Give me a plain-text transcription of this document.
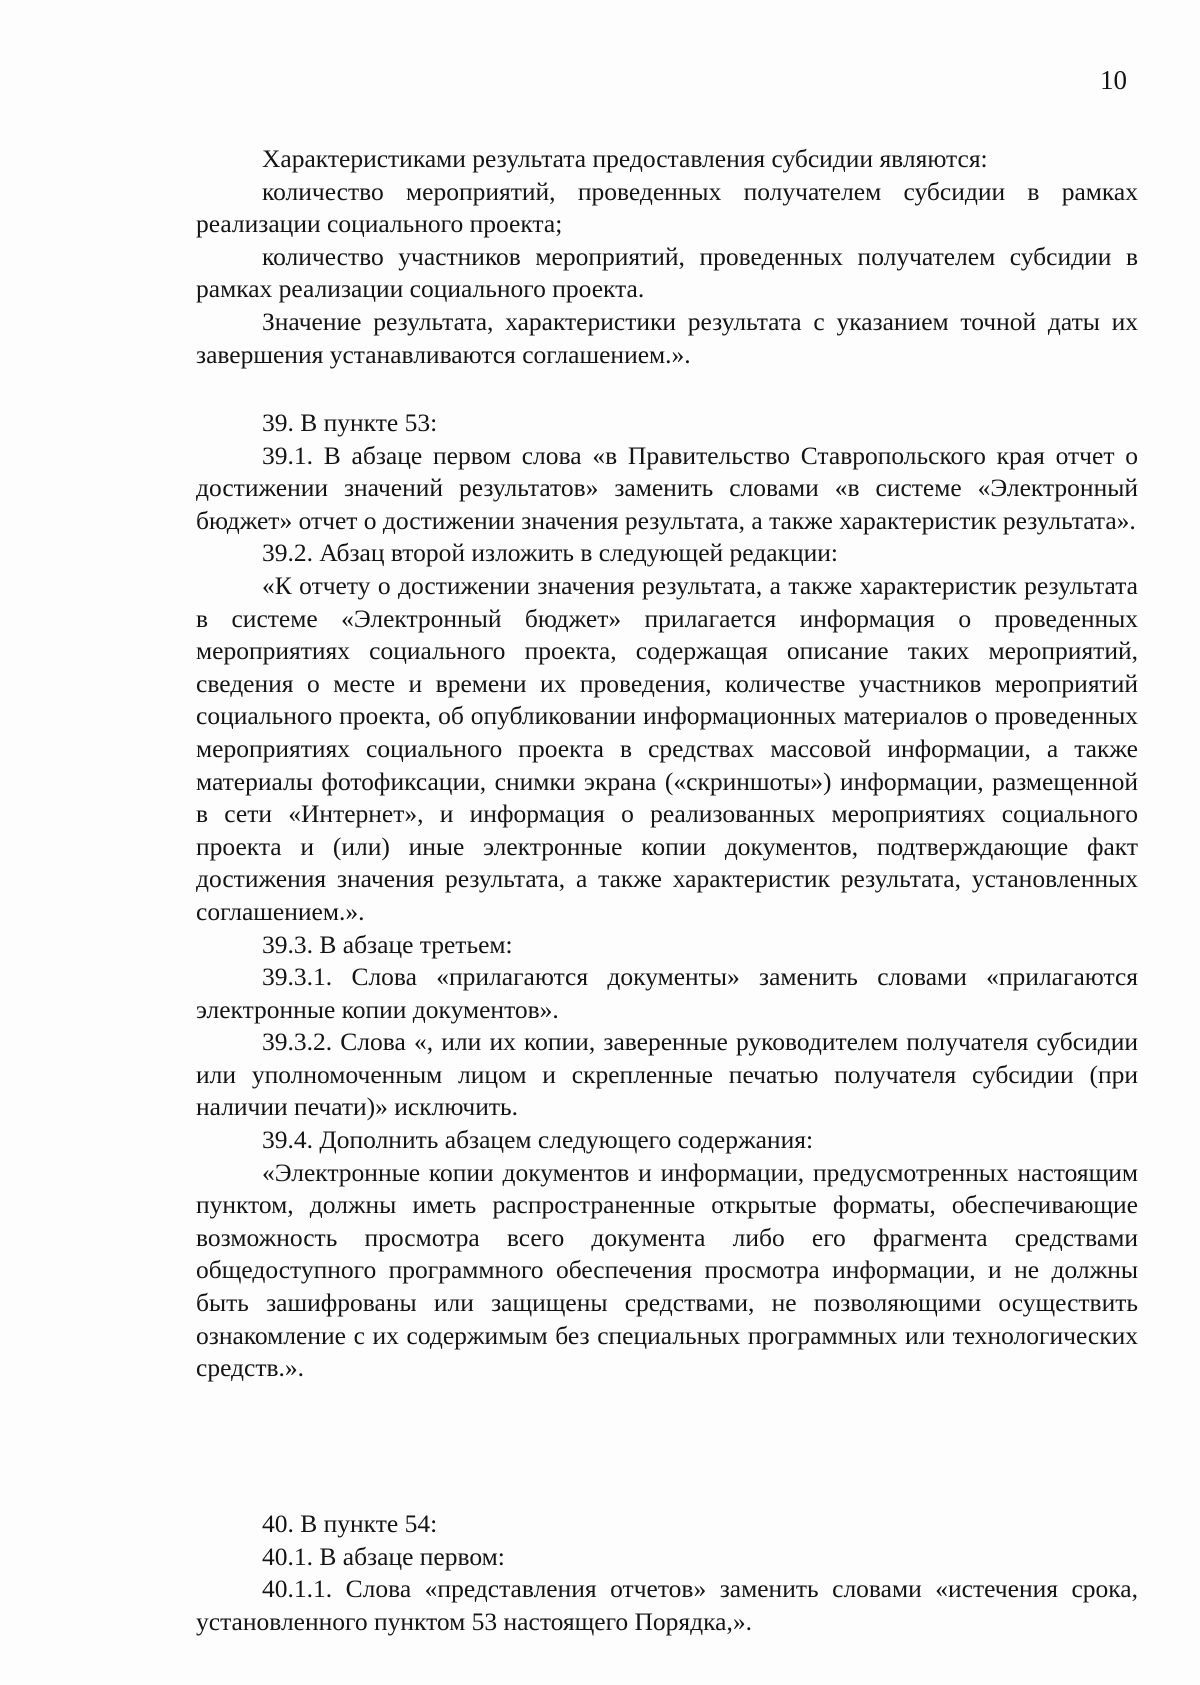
10

Характеристиками результата предоставления субсидии являются:

количество мероприятий, проведенных получателем субсидии в рамках реализации социального проекта;

количество участников мероприятий, проведенных получателем субсидии в рамках реализации социального проекта.

Значение результата, характеристики результата с указанием точной даты их завершения устанавливаются соглашением.».

39. В пункте 53:

39.1. В абзаце первом слова «в Правительство Ставропольского края отчет о достижении значений результатов» заменить словами «в системе «Электронный бюджет» отчет о достижении значения результата, а также характеристик результата».

39.2. Абзац второй изложить в следующей редакции:

«К отчету о достижении значения результата, а также характеристик результата в системе «Электронный бюджет» прилагается информация о проведенных мероприятиях социального проекта, содержащая описание таких мероприятий, сведения о месте и времени их проведения, количестве участников мероприятий социального проекта, об опубликовании информационных материалов о проведенных мероприятиях социального проекта в средствах массовой информации, а также материалы фотофиксации, снимки экрана («скриншоты») информации, размещенной в сети «Интернет», и информация о реализованных мероприятиях социального проекта и (или) иные электронные копии документов, подтверждающие факт достижения значения результата, а также характеристик результата, установленных соглашением.».

39.3. В абзаце третьем:

39.3.1. Слова «прилагаются документы» заменить словами «прилагаются электронные копии документов».

39.3.2. Слова «, или их копии, заверенные руководителем получателя субсидии или уполномоченным лицом и скрепленные печатью получателя субсидии (при наличии печати)» исключить.

39.4. Дополнить абзацем следующего содержания:

«Электронные копии документов и информации, предусмотренных настоящим пунктом, должны иметь распространенные открытые форматы, обеспечивающие возможность просмотра всего документа либо его фрагмента средствами общедоступного программного обеспечения просмотра информации, и не должны быть зашифрованы или защищены средствами, не позволяющими осуществить ознакомление с их содержимым без специальных программных или технологических средств.».

40. В пункте 54:

40.1. В абзаце первом:

40.1.1. Слова «представления отчетов» заменить словами «истечения срока, установленного пунктом 53 настоящего Порядка,».
